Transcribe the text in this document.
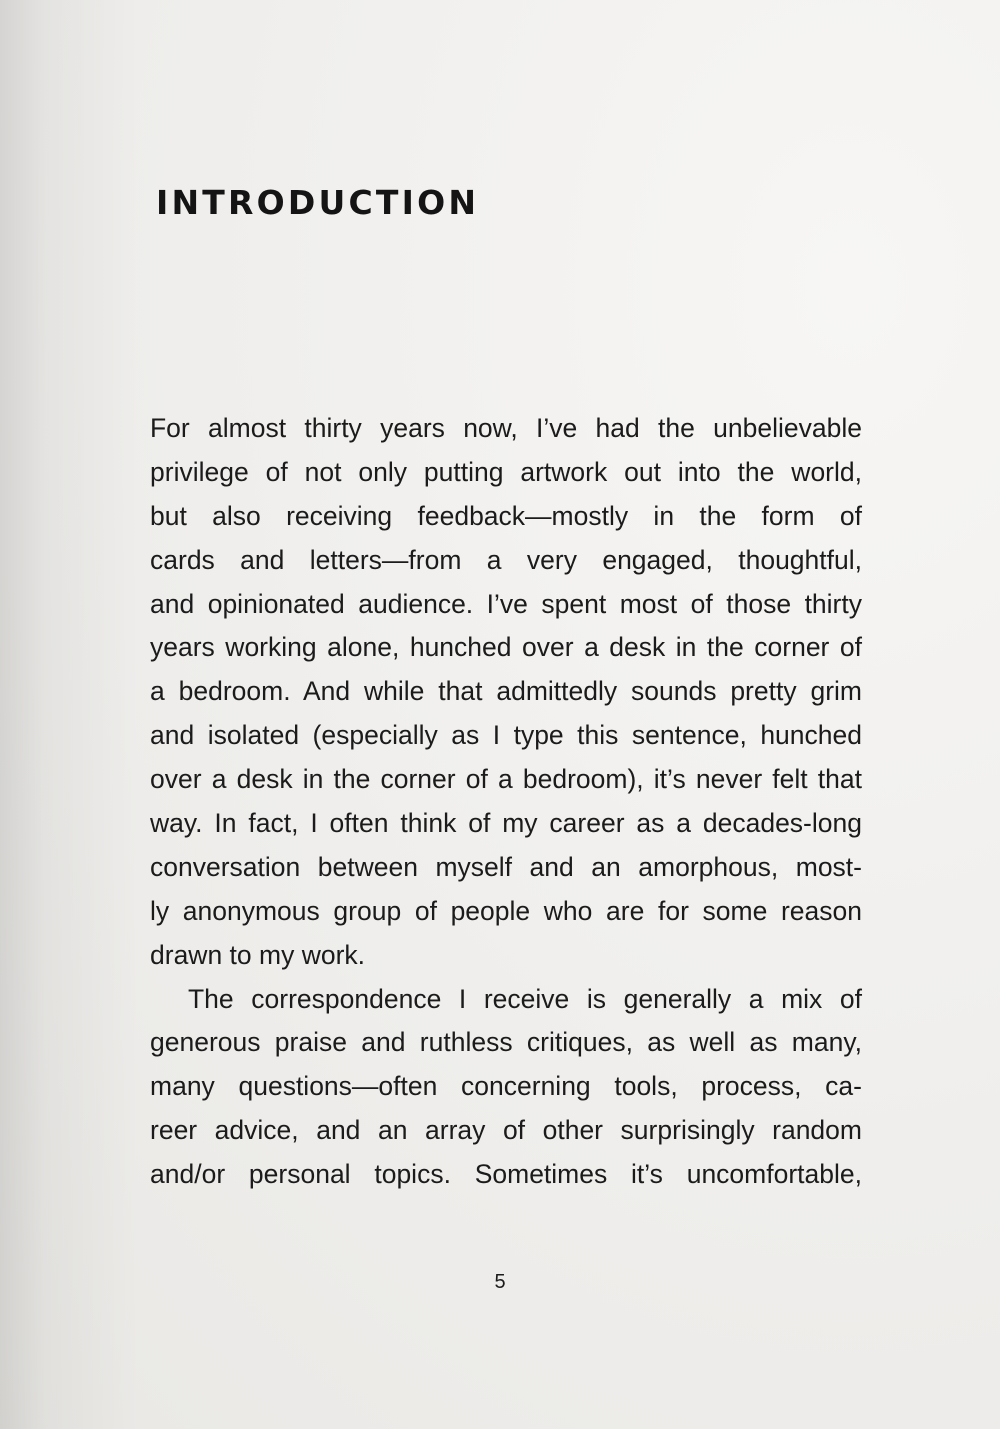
INTRODUCTION
For almost thirty years now, I’ve had the unbelievable
privilege of not only putting artwork out into the world,
but also receiving feedback—mostly in the form of
cards and letters—from a very engaged, thoughtful,
and opinionated audience. I’ve spent most of those thirty
years working alone, hunched over a desk in the corner of
a bedroom. And while that admittedly sounds pretty grim
and isolated (especially as I type this sentence, hunched
over a desk in the corner of a bedroom), it’s never felt that
way. In fact, I often think of my career as a decades-long
conversation between myself and an amorphous, most-
ly anonymous group of people who are for some reason
drawn to my work.
The correspondence I receive is generally a mix of
generous praise and ruthless critiques, as well as many,
many questions—often concerning tools, process, ca-
reer advice, and an array of other surprisingly random
and/or personal topics. Sometimes it’s uncomfortable,
5
